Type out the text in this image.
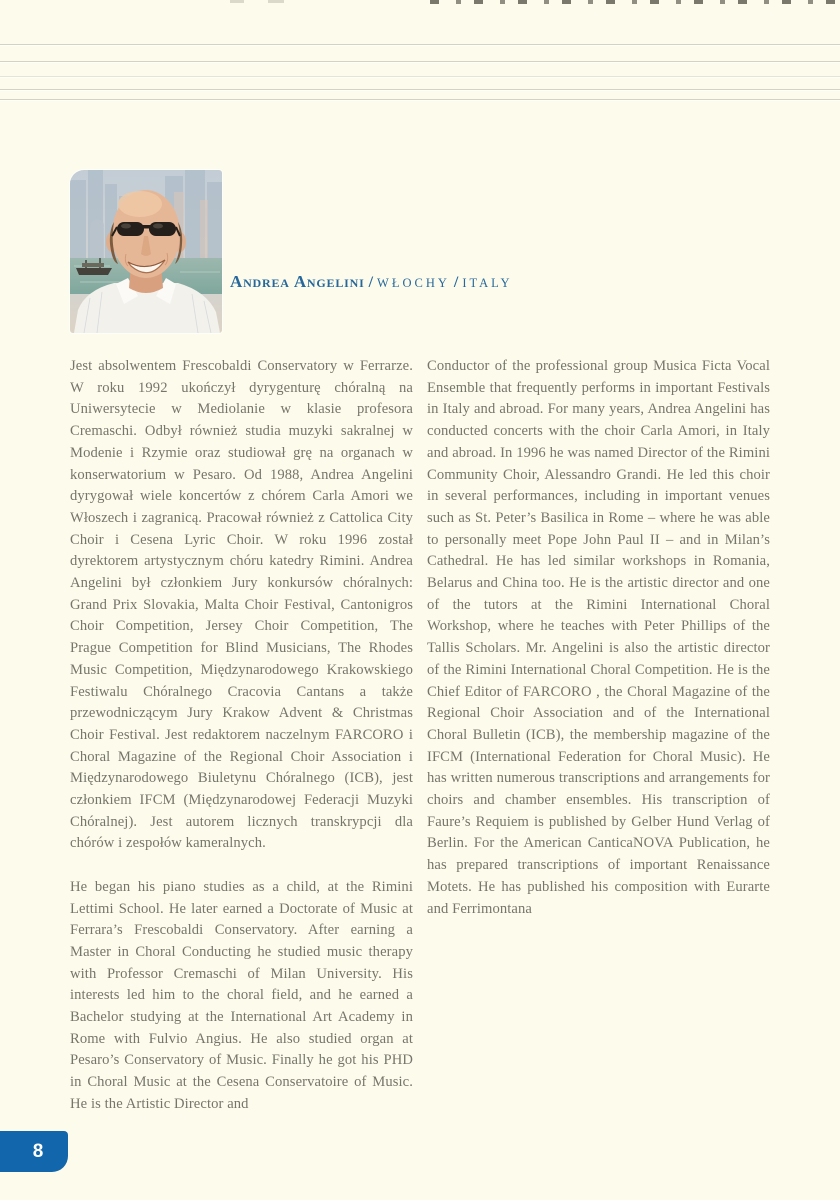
Andrea Angelini / WŁOCHY / ITALY

Jest absolwentem Frescobaldi Conservatory w Ferrarze. W roku 1992 ukończył dyrygenturę chóralną na Uniwersytecie w Mediolanie w klasie profesora Cremaschi. Odbył również studia muzyki sakralnej w Modenie i Rzymie oraz studiował grę na organach w konserwatorium w Pesaro. Od 1988, Andrea Angelini dyrygował wiele koncertów z chórem Carla Amori we Włoszech i zagranicą. Pracował również z Cattolica City Choir i Cesena Lyric Choir. W roku 1996 został dyrektorem artystycznym chóru katedry Rimini. Andrea Angelini był członkiem Jury konkursów chóralnych: Grand Prix Slovakia, Malta Choir Festival, Cantonigros Choir Competition, Jersey Choir Competition, The Prague Competition for Blind Musicians, The Rhodes Music Competition, Międzynarodowego Krakowskiego Festiwalu Chóralnego Cracovia Cantans a także przewodniczącym Jury Krakow Advent & Christmas Choir Festival. Jest redaktorem naczelnym FARCORO i Choral Magazine of the Regional Choir Association i Międzynarodowego Biuletynu Chóralnego (ICB), jest członkiem IFCM (Międzynarodowej Federacji Muzyki Chóralnej). Jest autorem licznych transkrypcji dla chórów i zespołów kameralnych.

He began his piano studies as a child, at the Rimini Lettimi School. He later earned a Doctorate of Music at Ferrara’s Frescobaldi Conservatory. After earning a Master in Choral Conducting he studied music therapy with Professor Cremaschi of Milan University. His interests led him to the choral field, and he earned a Bachelor studying at the International Art Academy in Rome with Fulvio Angius. He also studied organ at Pesaro’s Conservatory of Music. Finally he got his PHD in Choral Music at the Cesena Conservatoire of Music. He is the Artistic Director and

Conductor of the professional group Musica Ficta Vocal Ensemble that frequently performs in important Festivals in Italy and abroad. For many years, Andrea Angelini has conducted concerts with the choir Carla Amori, in Italy and abroad. In 1996 he was named Director of the Rimini Community Choir, Alessandro Grandi. He led this choir in several performances, including in important venues such as St. Peter’s Basilica in Rome – where he was able to personally meet Pope John Paul II – and in Milan’s Cathedral. He has led similar workshops in Romania, Belarus and China too. He is the artistic director and one of the tutors at the Rimini International Choral Workshop, where he teaches with Peter Phillips of the Tallis Scholars. Mr. Angelini is also the artistic director of the Rimini International Choral Competition. He is the Chief Editor of FARCORO , the Choral Magazine of the Regional Choir Association and of the International Choral Bulletin (ICB), the membership magazine of the IFCM (International Federation for Choral Music). He has written numerous transcriptions and arrangements for choirs and chamber ensembles. His transcription of Faure’s Requiem is published by Gelber Hund Verlag of Berlin. For the American CanticaNOVA Publication, he has prepared transcriptions of important Renaissance Motets. He has published his composition with Eurarte and Ferrimontana

8
